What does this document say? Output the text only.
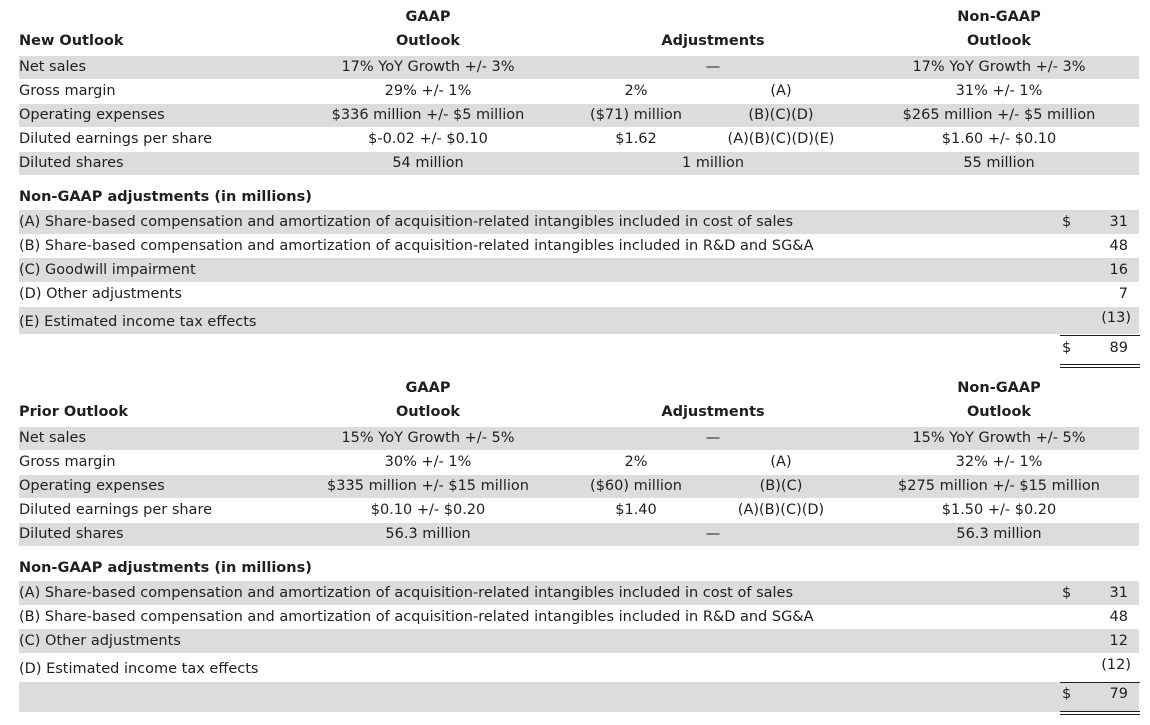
GAAP	Non-GAAP
New Outlook	Outlook	Adjustments	Outlook
Net sales	17% YoY Growth +/- 3%	—	17% YoY Growth +/- 3%
Gross margin	29% +/- 1%	2%	(A)	31% +/- 1%
Operating expenses	$336 million +/- $5 million	($71) million	(B)(C)(D)	$265 million +/- $5 million
Diluted earnings per share	$-0.02 +/- $0.10	$1.62	(A)(B)(C)(D)(E)	$1.60 +/- $0.10
Diluted shares	54 million	1 million	55 million
Non-GAAP adjustments (in millions)
(A) Share-based compensation and amortization of acquisition-related intangibles included in cost of sales	$	31
(B) Share-based compensation and amortization of acquisition-related intangibles included in R&D and SG&A	48
(C) Goodwill impairment	16
(D) Other adjustments	7
(E) Estimated income tax effects	(13)
$	89
GAAP	Non-GAAP
Prior Outlook	Outlook	Adjustments	Outlook
Net sales	15% YoY Growth +/- 5%	—	15% YoY Growth +/- 5%
Gross margin	30% +/- 1%	2%	(A)	32% +/- 1%
Operating expenses	$335 million +/- $15 million	($60) million	(B)(C)	$275 million +/- $15 million
Diluted earnings per share	$0.10 +/- $0.20	$1.40	(A)(B)(C)(D)	$1.50 +/- $0.20
Diluted shares	56.3 million	—	56.3 million
Non-GAAP adjustments (in millions)
(A) Share-based compensation and amortization of acquisition-related intangibles included in cost of sales	$	31
(B) Share-based compensation and amortization of acquisition-related intangibles included in R&D and SG&A	48
(C) Other adjustments	12
(D) Estimated income tax effects	(12)
$	79
